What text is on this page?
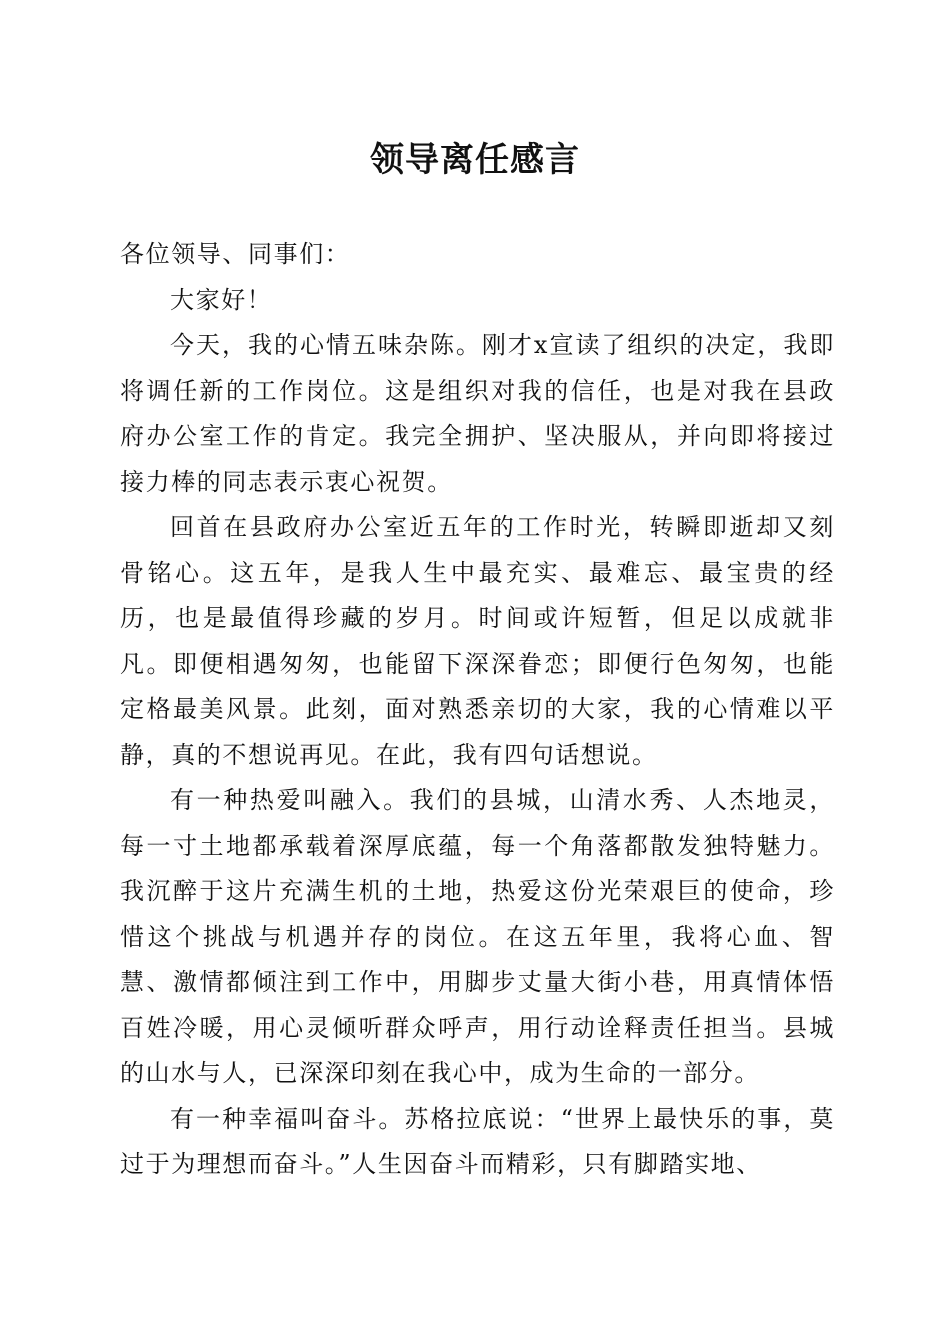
领导离任感言

各位领导、同事们：

大家好！

今天，我的心情五味杂陈。刚才x宣读了组织的决定，我即将调任新的工作岗位。这是组织对我的信任，也是对我在县政府办公室工作的肯定。我完全拥护、坚决服从，并向即将接过接力棒的同志表示衷心祝贺。

回首在县政府办公室近五年的工作时光，转瞬即逝却又刻骨铭心。这五年，是我人生中最充实、最难忘、最宝贵的经历，也是最值得珍藏的岁月。时间或许短暂，但足以成就非凡。即便相遇匆匆，也能留下深深眷恋；即便行色匆匆，也能定格最美风景。此刻，面对熟悉亲切的大家，我的心情难以平静，真的不想说再见。在此，我有四句话想说。

有一种热爱叫融入。我们的县城，山清水秀、人杰地灵，每一寸土地都承载着深厚底蕴，每一个角落都散发独特魅力。我沉醉于这片充满生机的土地，热爱这份光荣艰巨的使命，珍惜这个挑战与机遇并存的岗位。在这五年里，我将心血、智慧、激情都倾注到工作中，用脚步丈量大街小巷，用真情体悟百姓冷暖，用心灵倾听群众呼声，用行动诠释责任担当。县城的山水与人，已深深印刻在我心中，成为生命的一部分。

有一种幸福叫奋斗。苏格拉底说：“世界上最快乐的事，莫过于为理想而奋斗。”人生因奋斗而精彩，只有脚踏实地、
